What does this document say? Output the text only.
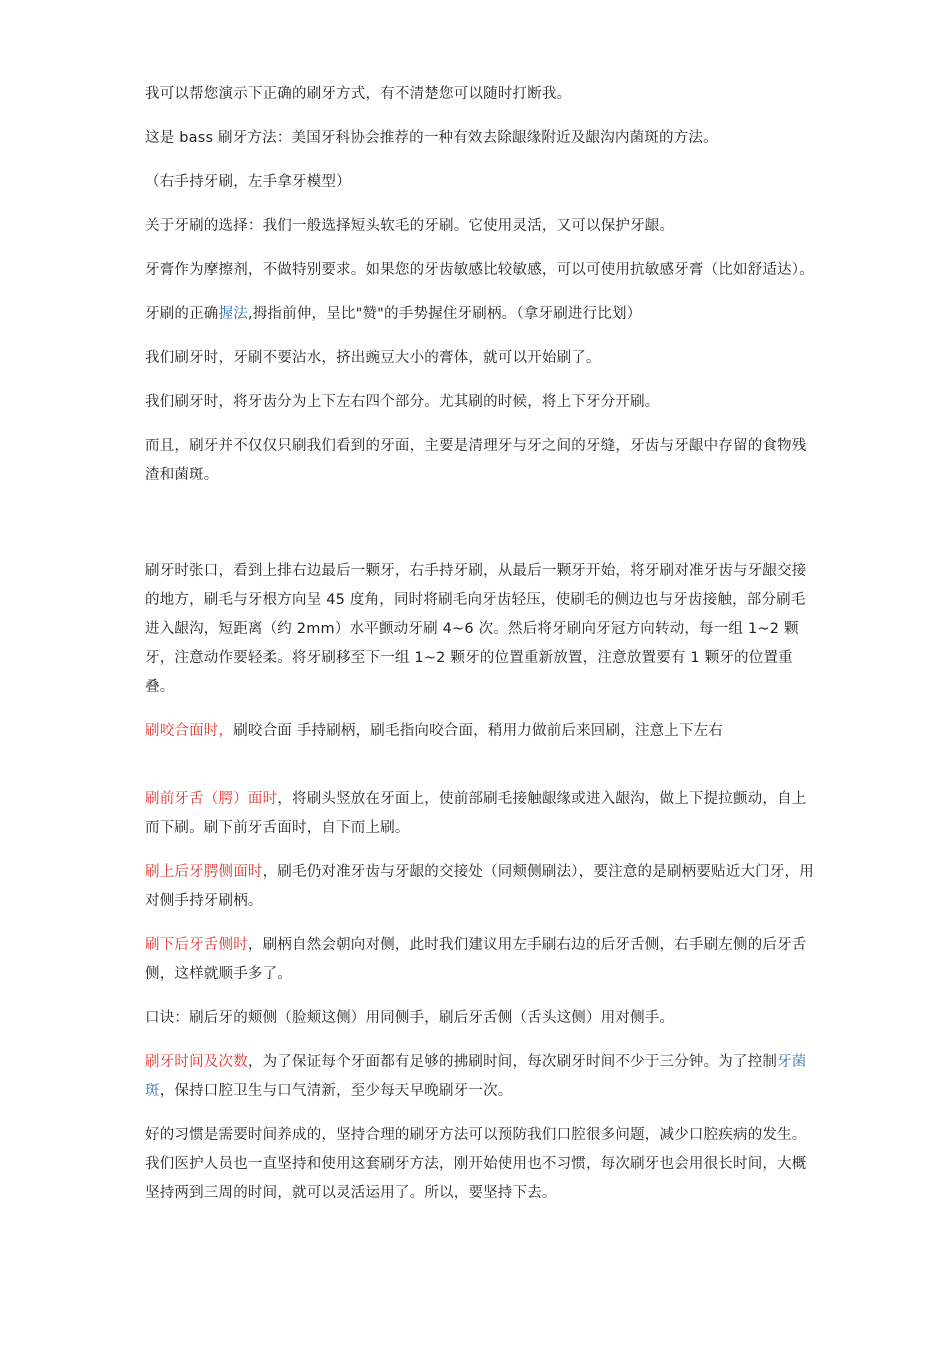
我可以帮您演示下正确的刷牙方式，有不清楚您可以随时打断我。

这是 bass 刷牙方法：美国牙科协会推荐的一种有效去除龈缘附近及龈沟内菌斑的方法。

（右手持牙刷，左手拿牙模型）

关于牙刷的选择：我们一般选择短头软毛的牙刷。它使用灵活，又可以保护牙龈。

牙膏作为摩擦剂，不做特别要求。如果您的牙齿敏感比较敏感，可以可使用抗敏感牙膏（比如舒适达）。

牙刷的正确握法,拇指前伸，呈比"赞"的手势握住牙刷柄。（拿牙刷进行比划）

我们刷牙时，牙刷不要沾水，挤出豌豆大小的膏体，就可以开始刷了。

我们刷牙时，将牙齿分为上下左右四个部分。尤其刷的时候，将上下牙分开刷。

而且，刷牙并不仅仅只刷我们看到的牙面，主要是清理牙与牙之间的牙缝，牙齿与牙龈中存留的食物残渣和菌斑。

刷牙时张口，看到上排右边最后一颗牙，右手持牙刷，从最后一颗牙开始，将牙刷对准牙齿与牙龈交接的地方，刷毛与牙根方向呈 45 度角，同时将刷毛向牙齿轻压，使刷毛的侧边也与牙齿接触，部分刷毛进入龈沟，短距离（约 2mm）水平颤动牙刷 4~6 次。然后将牙刷向牙冠方向转动，每一组 1~2 颗牙，注意动作要轻柔。将牙刷移至下一组 1~2 颗牙的位置重新放置，注意放置要有 1 颗牙的位置重叠。

刷咬合面时，刷咬合面 手持刷柄，刷毛指向咬合面，稍用力做前后来回刷，注意上下左右

刷前牙舌（腭）面时，将刷头竖放在牙面上，使前部刷毛接触龈缘或进入龈沟，做上下提拉颤动，自上而下刷。刷下前牙舌面时，自下而上刷。

刷上后牙腭侧面时，刷毛仍对准牙齿与牙龈的交接处（同颊侧刷法），要注意的是刷柄要贴近大门牙，用对侧手持牙刷柄。

刷下后牙舌侧时，刷柄自然会朝向对侧，此时我们建议用左手刷右边的后牙舌侧，右手刷左侧的后牙舌侧，这样就顺手多了。

口诀：刷后牙的颊侧（脸颊这侧）用同侧手，刷后牙舌侧（舌头这侧）用对侧手。

刷牙时间及次数，为了保证每个牙面都有足够的拂刷时间，每次刷牙时间不少于三分钟。为了控制牙菌斑，保持口腔卫生与口气清新，至少每天早晚刷牙一次。

好的习惯是需要时间养成的，坚持合理的刷牙方法可以预防我们口腔很多问题，减少口腔疾病的发生。我们医护人员也一直坚持和使用这套刷牙方法，刚开始使用也不习惯，每次刷牙也会用很长时间，大概坚持两到三周的时间，就可以灵活运用了。所以，要坚持下去。
